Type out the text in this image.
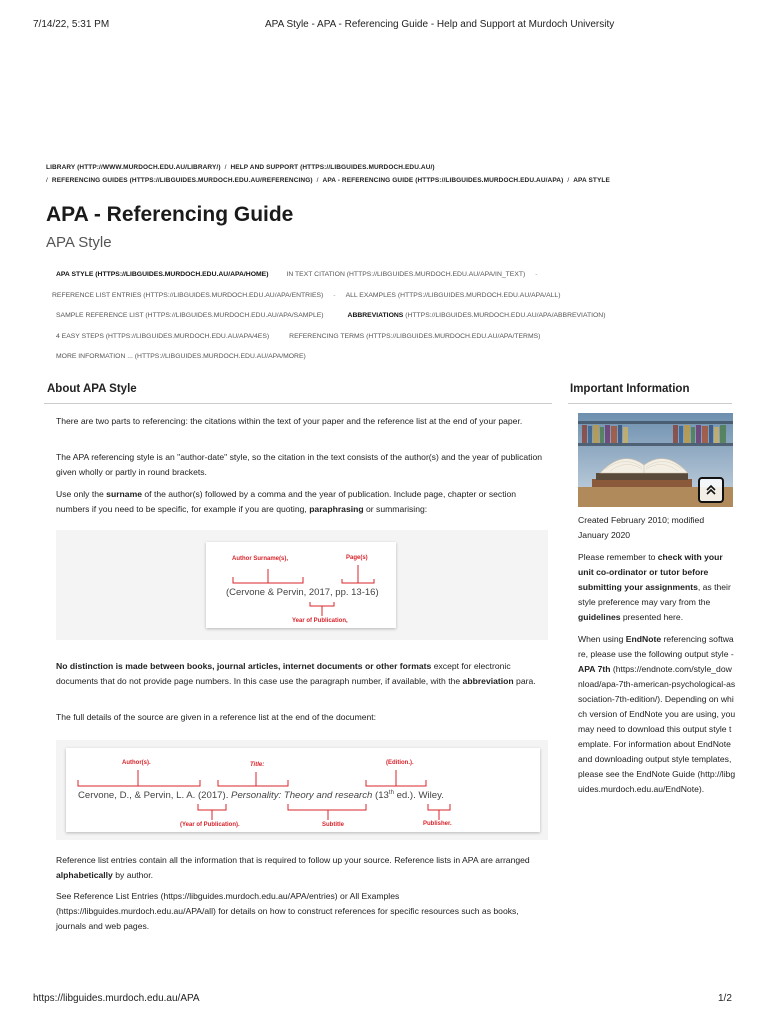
7/14/22, 5:31 PM	APA Style - APA - Referencing Guide - Help and Support at Murdoch University
LIBRARY (HTTP://WWW.MURDOCH.EDU.AU/LIBRARY/) / HELP AND SUPPORT (HTTPS://LIBGUIDES.MURDOCH.EDU.AU/)
/ REFERENCING GUIDES (HTTPS://LIBGUIDES.MURDOCH.EDU.AU/REFERENCING) / APA - REFERENCING GUIDE (HTTPS://LIBGUIDES.MURDOCH.EDU.AU/APA) / APA STYLE
APA - Referencing Guide
APA Style
APA STYLE (HTTPS://LIBGUIDES.MURDOCH.EDU.AU/APA/HOME)	IN TEXT CITATION (HTTPS://LIBGUIDES.MURDOCH.EDU.AU/APA/IN_TEXT) -
REFERENCE LIST ENTRIES (HTTPS://LIBGUIDES.MURDOCH.EDU.AU/APA/ENTRIES) - ALL EXAMPLES (HTTPS://LIBGUIDES.MURDOCH.EDU.AU/APA/ALL)
SAMPLE REFERENCE LIST (HTTPS://LIBGUIDES.MURDOCH.EDU.AU/APA/SAMPLE)	ABBREVIATIONS (HTTPS://LIBGUIDES.MURDOCH.EDU.AU/APA/ABBREVIATION)
4 EASY STEPS (HTTPS://LIBGUIDES.MURDOCH.EDU.AU/APA/4ES)	REFERENCING TERMS (HTTPS://LIBGUIDES.MURDOCH.EDU.AU/APA/TERMS)
MORE INFORMATION ... (HTTPS://LIBGUIDES.MURDOCH.EDU.AU/APA/MORE)
About APA Style	Important Information
There are two parts to referencing: the citations within the text of your paper and the reference list at the end of your paper.
The APA referencing style is an "author-date" style, so the citation in the text consists of the author(s) and the year of publication given wholly or partly in round brackets.
Use only the surname of the author(s) followed by a comma and the year of publication. Include page, chapter or section numbers if you need to be specific, for example if you are quoting, paraphrasing or summarising:
Author Surname(s),	Page(s)
(Cervone & Pervin, 2017, pp. 13-16)
Year of Publication,
No distinction is made between books, journal articles, internet documents or other formats except for electronic documents that do not provide page numbers. In this case use the paragraph number, if available, with the abbreviation para.
The full details of the source are given in a reference list at the end of the document:
Author(s).	Title:	(Edition.).
Cervone, D., & Pervin, L. A. (2017). Personality: Theory and research (13th ed.). Wiley.
(Year of Publication).	Subtitle	Publisher.
Reference list entries contain all the information that is required to follow up your source. Reference lists in APA are arranged alphabetically by author.
See Reference List Entries (https://libguides.murdoch.edu.au/APA/entries) or All Examples (https://libguides.murdoch.edu.au/APA/all) for details on how to construct references for specific resources such as books, journals and web pages.

Created February 2010; modified January 2020

Please remember to check with your unit co-ordinator or tutor before submitting your assignments, as their style preference may vary from the guidelines presented here.

When using EndNote referencing software, please use the following output style - APA 7th (https://endnote.com/style_download/apa-7th-american-psychological-association-7th-edition/). Depending on which version of EndNote you are using, you may need to download this output style template. For information about EndNote and downloading output style templates, please see the EndNote Guide (http://libguides.murdoch.edu.au/EndNote).

https://libguides.murdoch.edu.au/APA	1/2
